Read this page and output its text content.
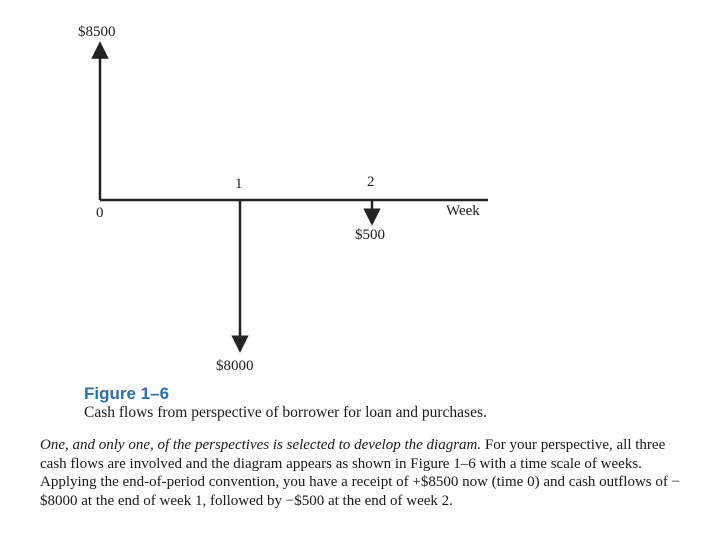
$8500
0
1	2
Week
$500
$8000
Figure 1–6
Cash flows from perspective of borrower for loan and purchases.

One, and only one, of the perspectives is selected to develop the diagram. For your perspective, all three cash flows are involved and the diagram appears as shown in Figure 1–6 with a time scale of weeks. Applying the end-of-period convention, you have a receipt of +$8500 now (time 0) and cash outflows of −$8000 at the end of week 1, followed by −$500 at the end of week 2.
